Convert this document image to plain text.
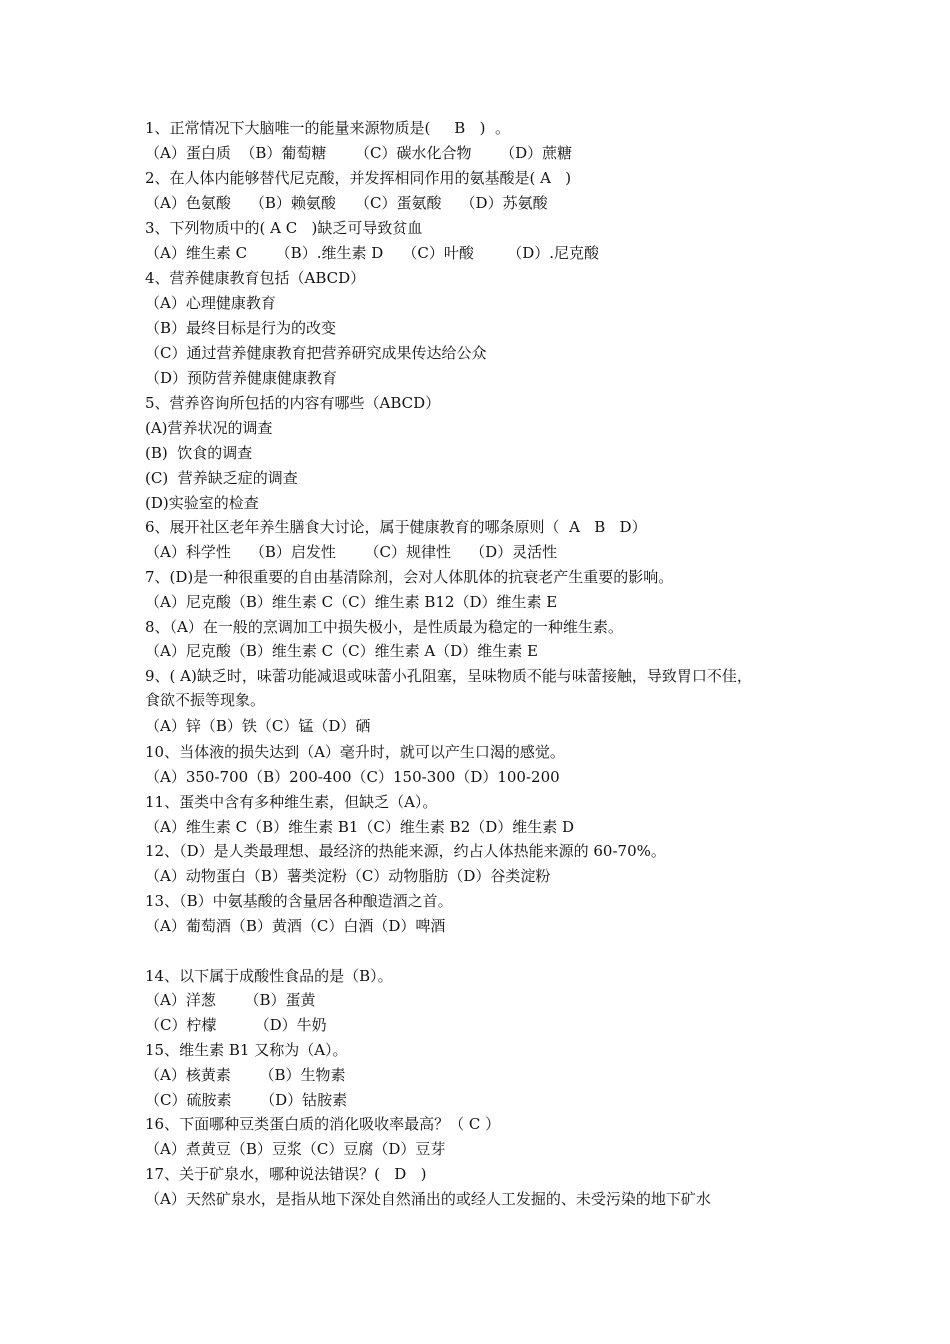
1、正常情况下大脑唯一的能量来源物质是(     B   )  。
（A）蛋白质  （B）葡萄糖      （C）碳水化合物      （D）蔗糖
2、在人体内能够替代尼克酸，并发挥相同作用的氨基酸是( A   )
（A）色氨酸    （B）赖氨酸    （C）蛋氨酸    （D）苏氨酸
3、下列物质中的( A C   )缺乏可导致贫血
（A）维生素 C      （B）.维生素 D    （C）叶酸       （D）.尼克酸
4、营养健康教育包括（ABCD）
（A）心理健康教育
（B）最终目标是行为的改变
（C）通过营养健康教育把营养研究成果传达给公众
（D）预防营养健康健康教育
5、营养咨询所包括的内容有哪些（ABCD）
(A)营养状况的调查
(B)  饮食的调查
(C)  营养缺乏症的调查
(D)实验室的检查
6、展开社区老年养生膳食大讨论，属于健康教育的哪条原则（  A   B   D）
（A）科学性    （B）启发性      （C）规律性    （D）灵活性
7、(D)是一种很重要的自由基清除剂，会对人体肌体的抗衰老产生重要的影响。
（A）尼克酸（B）维生素 C（C）维生素 B12（D）维生素 E
8、（A）在一般的烹调加工中损失极小，是性质最为稳定的一种维生素。
（A）尼克酸（B）维生素 C（C）维生素 A（D）维生素 E
9、( A)缺乏时，味蕾功能减退或味蕾小孔阻塞，呈味物质不能与味蕾接触，导致胃口不佳，
食欲不振等现象。
（A）锌（B）铁（C）锰（D）硒
10、当体液的损失达到（A）毫升时，就可以产生口渴的感觉。
（A）350-700（B）200-400（C）150-300（D）100-200
11、蛋类中含有多种维生素，但缺乏（A）。
（A）维生素 C（B）维生素 B1（C）维生素 B2（D）维生素 D
12、（D）是人类最理想、最经济的热能来源，约占人体热能来源的 60-70%。
（A）动物蛋白（B）薯类淀粉（C）动物脂肪（D）谷类淀粉
13、（B）中氨基酸的含量居各种酿造酒之首。
（A）葡萄酒（B）黄酒（C）白酒（D）啤酒
14、以下属于成酸性食品的是（B）。
（A）洋葱      （B）蛋黄
（C）柠檬        （D）牛奶
15、维生素 B1 又称为（A）。
（A）核黄素      （B）生物素
（C）硫胺素      （D）钴胺素
16、下面哪种豆类蛋白质的消化吸收率最高？（ C ）
（A）煮黄豆（B）豆浆（C）豆腐（D）豆芽
17、关于矿泉水，哪种说法错误？(   D   )
（A）天然矿泉水，是指从地下深处自然涌出的或经人工发掘的、未受污染的地下矿水
